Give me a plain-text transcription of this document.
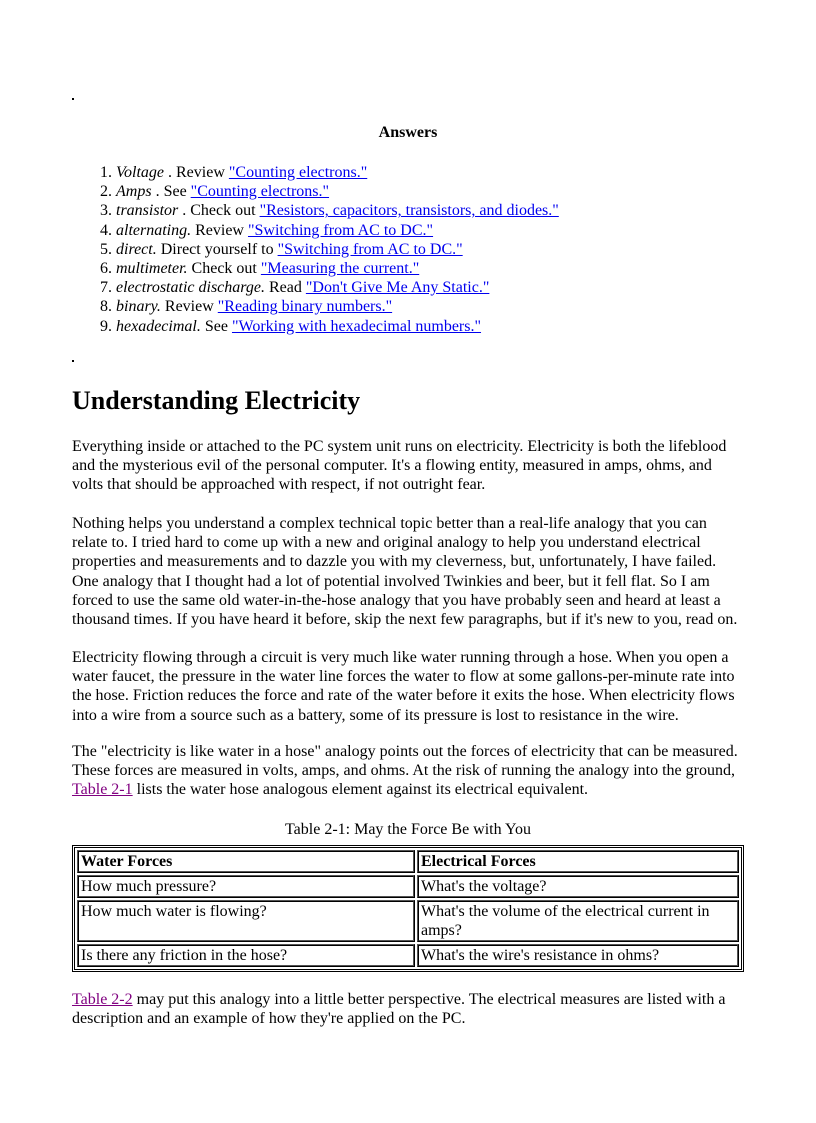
Answers
1. Voltage . Review "Counting electrons."
2. Amps . See "Counting electrons."
3. transistor . Check out "Resistors, capacitors, transistors, and diodes."
4. alternating. Review "Switching from AC to DC."
5. direct. Direct yourself to "Switching from AC to DC."
6. multimeter. Check out "Measuring the current."
7. electrostatic discharge. Read "Don't Give Me Any Static."
8. binary. Review "Reading binary numbers."
9. hexadecimal. See "Working with hexadecimal numbers."
Understanding Electricity

Everything inside or attached to the PC system unit runs on electricity. Electricity is both the lifeblood and the mysterious evil of the personal computer. It's a flowing entity, measured in amps, ohms, and volts that should be approached with respect, if not outright fear.

Nothing helps you understand a complex technical topic better than a real-life analogy that you can relate to. I tried hard to come up with a new and original analogy to help you understand electrical properties and measurements and to dazzle you with my cleverness, but, unfortunately, I have failed. One analogy that I thought had a lot of potential involved Twinkies and beer, but it fell flat. So I am forced to use the same old water-in-the-hose analogy that you have probably seen and heard at least a thousand times. If you have heard it before, skip the next few paragraphs, but if it's new to you, read on.

Electricity flowing through a circuit is very much like water running through a hose. When you open a water faucet, the pressure in the water line forces the water to flow at some gallons-per-minute rate into the hose. Friction reduces the force and rate of the water before it exits the hose. When electricity flows into a wire from a source such as a battery, some of its pressure is lost to resistance in the wire.

The "electricity is like water in a hose" analogy points out the forces of electricity that can be measured. These forces are measured in volts, amps, and ohms. At the risk of running the analogy into the ground, Table 2-1 lists the water hose analogous element against its electrical equivalent.

Table 2-1: May the Force Be with You
Water Forces	Electrical Forces
How much pressure?	What's the voltage?
How much water is flowing?	What's the volume of the electrical current in amps?
Is there any friction in the hose?	What's the wire's resistance in ohms?

Table 2-2 may put this analogy into a little better perspective. The electrical measures are listed with a description and an example of how they're applied on the PC.
